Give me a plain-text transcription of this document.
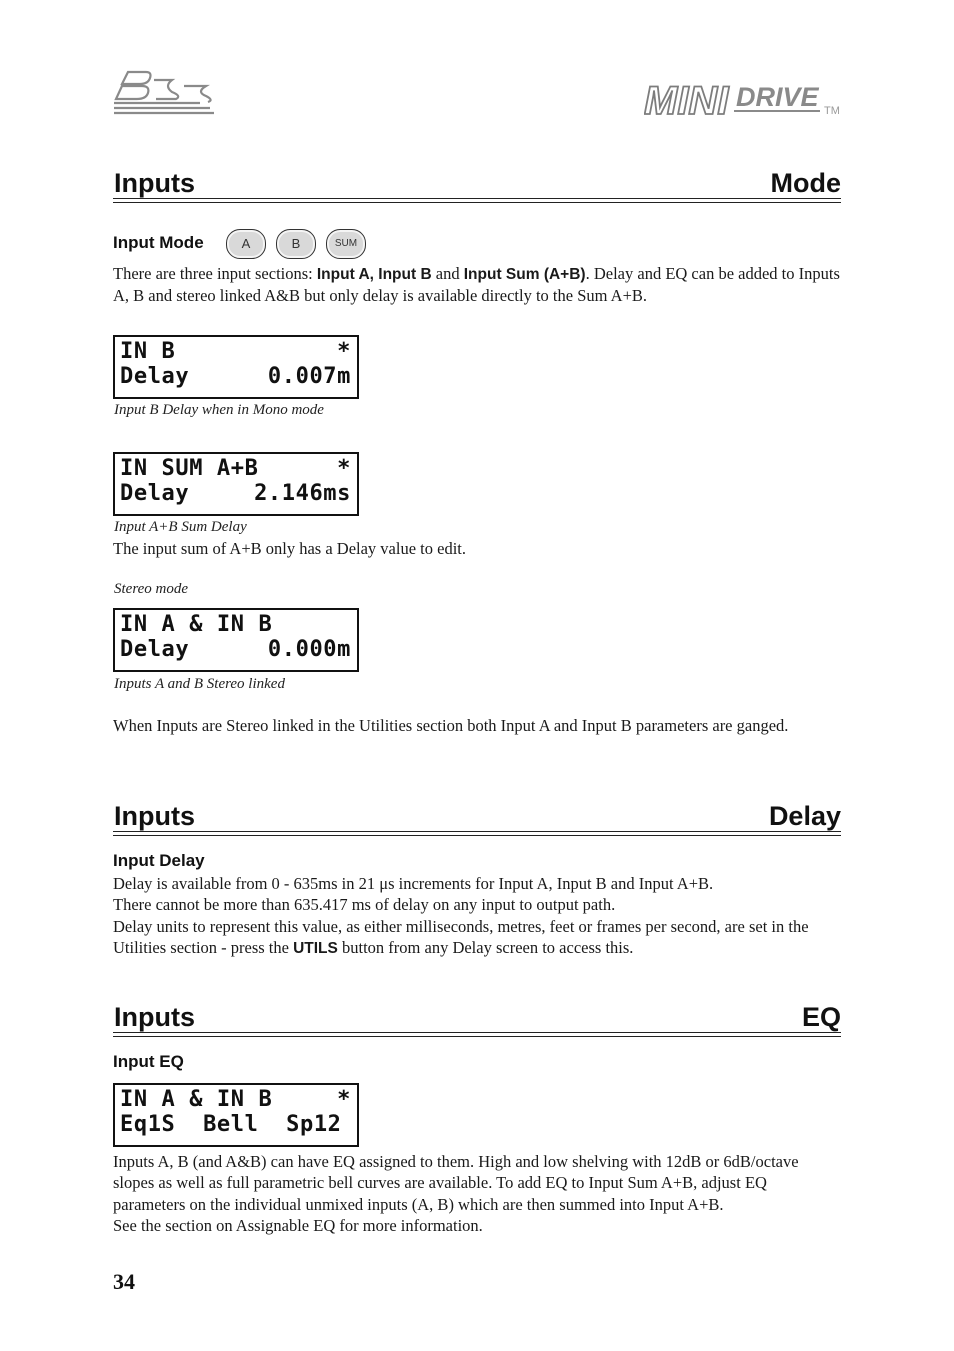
MINI DRIVE TM
Inputs	Mode
Input Mode	A	B	SUM
There are three input sections: Input A, Input B and Input Sum (A+B). Delay and EQ can be added to Inputs A, B and stereo linked A&B but only delay is available directly to the Sum A+B.
IN B	*
Delay	0.007m
Input B Delay when in Mono mode
IN SUM A+B	*
Delay	2.146ms
Input A+B Sum Delay
The input sum of A+B only has a Delay value to edit.
Stereo mode
IN A & IN B
Delay	0.000m
Inputs A and B Stereo linked
When Inputs are Stereo linked in the Utilities section both Input A and Input B parameters are ganged.
Inputs	Delay
Input Delay
Delay is available from 0 - 635ms in 21 μs increments for Input A, Input B and Input A+B.
There cannot be more than 635.417 ms of delay on any input to output path.
Delay units to represent this value, as either milliseconds, metres, feet or frames per second, are set in the Utilities section - press the UTILS button from any Delay screen to access this.
Inputs	EQ
Input EQ
IN A & IN B	*
Eq1S  Bell  Sp12
Inputs A, B (and A&B) can have EQ assigned to them. High and low shelving with 12dB or 6dB/octave slopes as well as full parametric bell curves are available. To add EQ to Input Sum A+B, adjust EQ parameters on the individual unmixed inputs (A, B) which are then summed into Input A+B.
See the section on Assignable EQ for more information.
34
